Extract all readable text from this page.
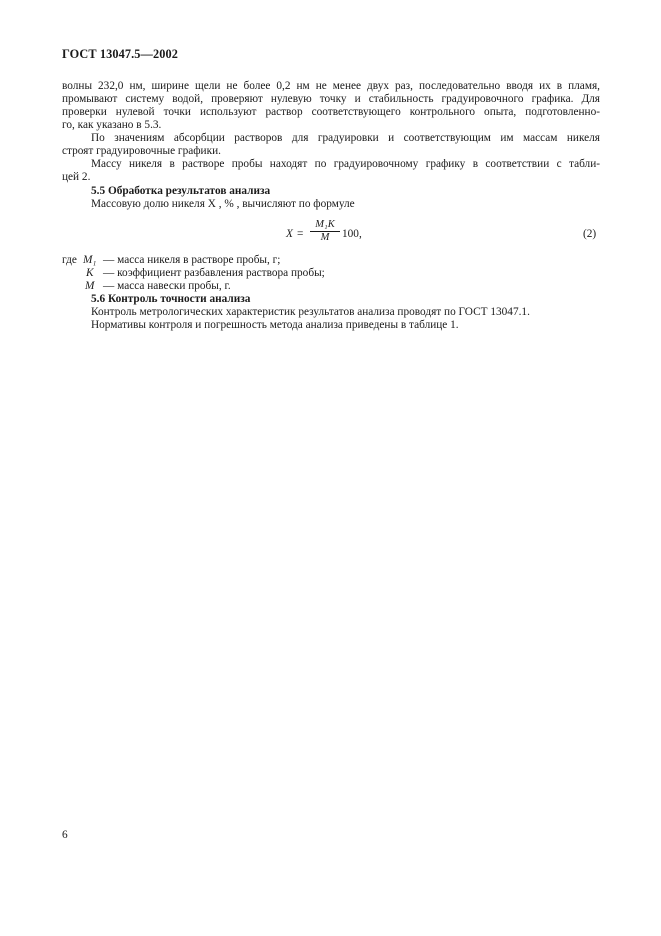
ГОСТ 13047.5—2002
волны 232,0 нм, ширине щели не более 0,2 нм не менее двух раз, последовательно вводя их в пламя,
промывают систему водой, проверяют нулевую точку и стабильность градуировочного графика. Для
проверки нулевой точки используют раствор соответствующего контрольного опыта, подготовленно-
го, как указано в 5.3.
По значениям абсорбции растворов для градуировки и соответствующим им массам никеля
строят градуировочные графики.
Массу никеля в растворе пробы находят по градуировочному графику в соответствии с табли-
цей 2.
5.5 Обработка результатов анализа
Массовую долю никеля X , % , вычисляют по формуле
$X = \frac{\text{M₁K}}{M} 100$,	(2)
где M₁ — масса никеля в растворе пробы, г;
K — коэффициент разбавления раствора пробы;
M — масса навески пробы, г.
5.6 Контроль точности анализа
Контроль метрологических характеристик результатов анализа проводят по ГОСТ 13047.1.
Нормативы контроля и погрешность метода анализа приведены в таблице 1.
6
